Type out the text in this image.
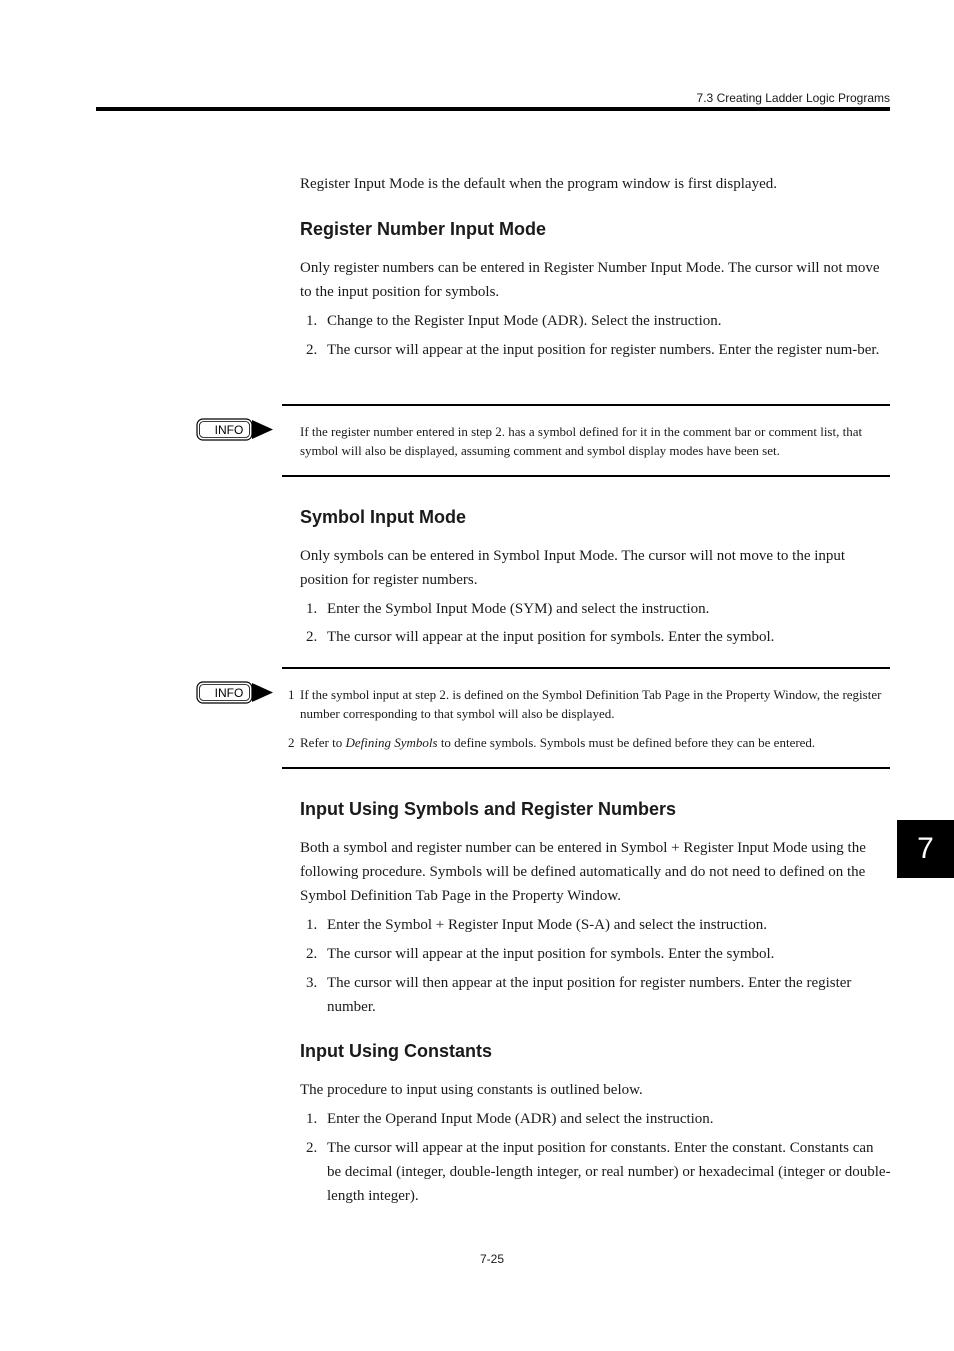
7.3 Creating Ladder Logic Programs

Register Input Mode is the default when the program window is first displayed.

Register Number Input Mode

Only register numbers can be entered in Register Number Input Mode. The cursor will not move to the input position for symbols.

1. Change to the Register Input Mode (ADR). Select the instruction.
2. The cursor will appear at the input position for register numbers. Enter the register num-ber.
Symbol Input Mode

Only symbols can be entered in Symbol Input Mode. The cursor will not move to the input position for register numbers.

1. Enter the Symbol Input Mode (SYM) and select the instruction.
2. The cursor will appear at the input position for symbols. Enter the symbol.
Input Using Symbols and Register Numbers

Both a symbol and register number can be entered in Symbol + Register Input Mode using the following procedure. Symbols will be defined automatically and do not need to defined on the Symbol Definition Tab Page in the Property Window.

1. Enter the Symbol + Register Input Mode (S-A) and select the instruction.
2. The cursor will appear at the input position for symbols. Enter the symbol.
3. The cursor will then appear at the input position for register numbers. Enter the register number.
Input Using Constants

The procedure to input using constants is outlined below.

1. Enter the Operand Input Mode (ADR) and select the instruction.
2. The cursor will appear at the input position for constants. Enter the constant. Constants can be decimal (integer, double-length integer, or real number) or hexadecimal (integer or double-length integer).
INFO	If the register number entered in step 2. has a symbol defined for it in the comment bar or comment list, that symbol will also be displayed, assuming comment and symbol display modes have been set.
INFO	1 If the symbol input at step 2. is defined on the Symbol Definition Tab Page in the Property Window, the register number corresponding to that symbol will also be displayed.
2 Refer to Defining Symbols to define symbols. Symbols must be defined before they can be entered.
7
7-25
